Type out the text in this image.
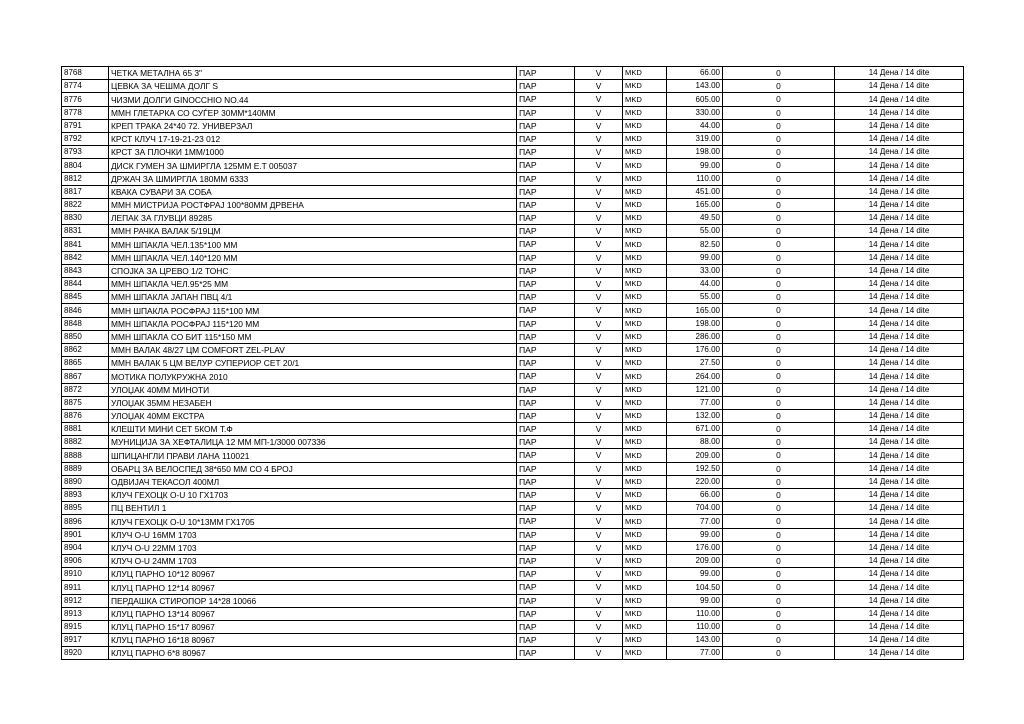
8768	ЧЕТКА МЕТАЛНА 65 3"	ПАР	V	MKD	66.00	0	14 Дена / 14 dite
8774	ЦЕВКА ЗА ЧЕШМА ДОЛГ S	ПАР	V	MKD	143.00	0	14 Дена / 14 dite
8776	ЧИЗМИ ДОЛГИ GINOCCHIO NO.44	ПАР	V	MKD	605.00	0	14 Дена / 14 dite
8778	ММН ГЛЕТАРКА СО СУЃЕР 30ММ*140ММ	ПАР	V	MKD	330.00	0	14 Дена / 14 dite
8791	КРЕП ТРАКА 24*40 72. УНИВЕРЗАЛ	ПАР	V	MKD	44.00	0	14 Дена / 14 dite
8792	КРСТ КЛУЧ 17-19-21-23 012	ПАР	V	MKD	319.00	0	14 Дена / 14 dite
8793	КРСТ ЗА ПЛОЧКИ 1ММ/1000	ПАР	V	MKD	198.00	0	14 Дена / 14 dite
8804	ДИСК ГУМЕН ЗА ШМИРГЛА 125ММ Е.Т 005037	ПАР	V	MKD	99.00	0	14 Дена / 14 dite
8812	ДРЖАЧ ЗА ШМИРГЛА 180ММ 6333	ПАР	V	MKD	110.00	0	14 Дена / 14 dite
8817	КВАКА СУВАРИ ЗА СОБА	ПАР	V	MKD	451.00	0	14 Дена / 14 dite
8822	ММН МИСТРИЈА РОСТФРАЈ 100*80ММ ДРВЕНА	ПАР	V	MKD	165.00	0	14 Дена / 14 dite
8830	ЛЕПАК ЗА ГЛУВЦИ 89285	ПАР	V	MKD	49.50	0	14 Дена / 14 dite
8831	ММН РАЧКА ВАЛАК 5/19ЦМ	ПАР	V	MKD	55.00	0	14 Дена / 14 dite
8841	ММН ШПАКЛА ЧЕЛ.135*100 ММ	ПАР	V	MKD	82.50	0	14 Дена / 14 dite
8842	ММН ШПАКЛА ЧЕЛ.140*120 ММ	ПАР	V	MKD	99.00	0	14 Дена / 14 dite
8843	СПОЈКА ЗА ЦРЕВО 1/2 ТОНС	ПАР	V	MKD	33.00	0	14 Дена / 14 dite
8844	ММН ШПАКЛА ЧЕЛ.95*25 ММ	ПАР	V	MKD	44.00	0	14 Дена / 14 dite
8845	ММН ШПАКЛА ЈАПАН ПВЦ 4/1	ПАР	V	MKD	55.00	0	14 Дена / 14 dite
8846	ММН ШПАКЛА РОСФРАЈ 115*100 ММ	ПАР	V	MKD	165.00	0	14 Дена / 14 dite
8848	ММН ШПАКЛА РОСФРАЈ 115*120 ММ	ПАР	V	MKD	198.00	0	14 Дена / 14 dite
8850	ММН ШПАКЛА СО БИТ 115*150 ММ	ПАР	V	MKD	286.00	0	14 Дена / 14 dite
8862	ММН ВАЛАК 48/27 ЦМ COMFORT ZEL-PLAV	ПАР	V	MKD	176.00	0	14 Дена / 14 dite
8865	ММН ВАЛАК 5 ЦМ ВЕЛУР СУПЕРИОР СЕТ 20/1	ПАР	V	MKD	27.50	0	14 Дена / 14 dite
8867	МОТИКА ПОЛУКРУЖНА 2010	ПАР	V	MKD	264.00	0	14 Дена / 14 dite
8872	УЛОЏАК 40ММ МИНОТИ	ПАР	V	MKD	121.00	0	14 Дена / 14 dite
8875	УЛОЏАК 35ММ НЕЗАБЕН	ПАР	V	MKD	77.00	0	14 Дена / 14 dite
8876	УЛОЏАК 40ММ ЕКСТРА	ПАР	V	MKD	132.00	0	14 Дена / 14 dite
8881	КЛЕШТИ МИНИ СЕТ 5КОМ Т.Ф	ПАР	V	MKD	671.00	0	14 Дена / 14 dite
8882	МУНИЦИЈА ЗА ХЕФТАЛИЦА 12 ММ МП-1/3000 007336	ПАР	V	MKD	88.00	0	14 Дена / 14 dite
8888	ШПИЦАНГЛИ ПРАВИ ЛАНА 110021	ПАР	V	MKD	209.00	0	14 Дена / 14 dite
8889	ОБАРЦ ЗА ВЕЛОСПЕД 38*650 ММ СО 4 БРОЈ	ПАР	V	MKD	192.50	0	14 Дена / 14 dite
8890	ОДВИЈАЧ ТЕКАСОЛ 400МЛ	ПАР	V	MKD	220.00	0	14 Дена / 14 dite
8893	КЛУЧ ГЕХОЦК О-U 10 ГХ1703	ПАР	V	MKD	66.00	0	14 Дена / 14 dite
8895	ПЦ ВЕНТИЛ 1	ПАР	V	MKD	704.00	0	14 Дена / 14 dite
8896	КЛУЧ ГЕХОЦК О-U 10*13ММ ГХ1705	ПАР	V	MKD	77.00	0	14 Дена / 14 dite
8901	КЛУЧ О-U 16ММ 1703	ПАР	V	MKD	99.00	0	14 Дена / 14 dite
8904	КЛУЧ О-U 22ММ 1703	ПАР	V	MKD	176.00	0	14 Дена / 14 dite
8906	КЛУЧ О-U 24ММ 1703	ПАР	V	MKD	209.00	0	14 Дена / 14 dite
8910	КЛУЦ ПАРНО 10*12 80967	ПАР	V	MKD	99.00	0	14 Дена / 14 dite
8911	КЛУЦ ПАРНО 12*14 80967	ПАР	V	MKD	104.50	0	14 Дена / 14 dite
8912	ПЕРДАШКА СТИРОПОР 14*28 10066	ПАР	V	MKD	99.00	0	14 Дена / 14 dite
8913	КЛУЦ ПАРНО 13*14 80967	ПАР	V	MKD	110.00	0	14 Дена / 14 dite
8915	КЛУЦ ПАРНО 15*17 80967	ПАР	V	MKD	110.00	0	14 Дена / 14 dite
8917	КЛУЦ ПАРНО 16*18 80967	ПАР	V	MKD	143.00	0	14 Дена / 14 dite
8920	КЛУЦ ПАРНО 6*8 80967	ПАР	V	MKD	77.00	0	14 Дена / 14 dite
